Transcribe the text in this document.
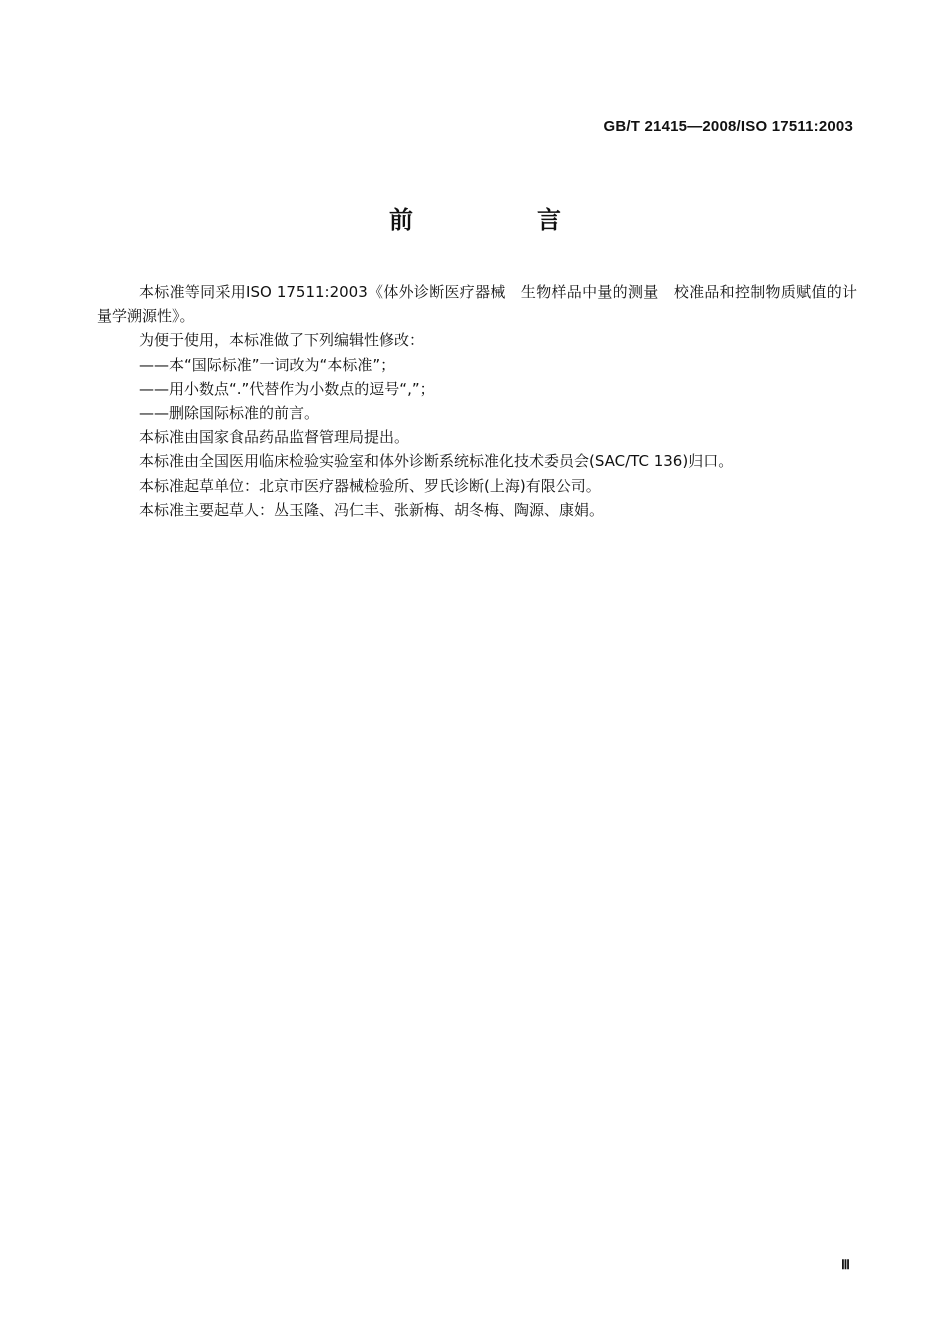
GB/T 21415—2008/ISO 17511:2003
前　言

本标准等同采用ISO 17511:2003《体外诊断医疗器械　生物样品中量的测量　校准品和控制物质赋值的计量学溯源性》。

为便于使用，本标准做了下列编辑性修改：

——本“国际标准”一词改为“本标准”；

——用小数点“.”代替作为小数点的逗号“,”；

——删除国际标准的前言。

本标准由国家食品药品监督管理局提出。

本标准由全国医用临床检验实验室和体外诊断系统标准化技术委员会(SAC/TC 136)归口。

本标准起草单位：北京市医疗器械检验所、罗氏诊断(上海)有限公司。

本标准主要起草人：丛玉隆、冯仁丰、张新梅、胡冬梅、陶源、康娟。

Ⅲ
